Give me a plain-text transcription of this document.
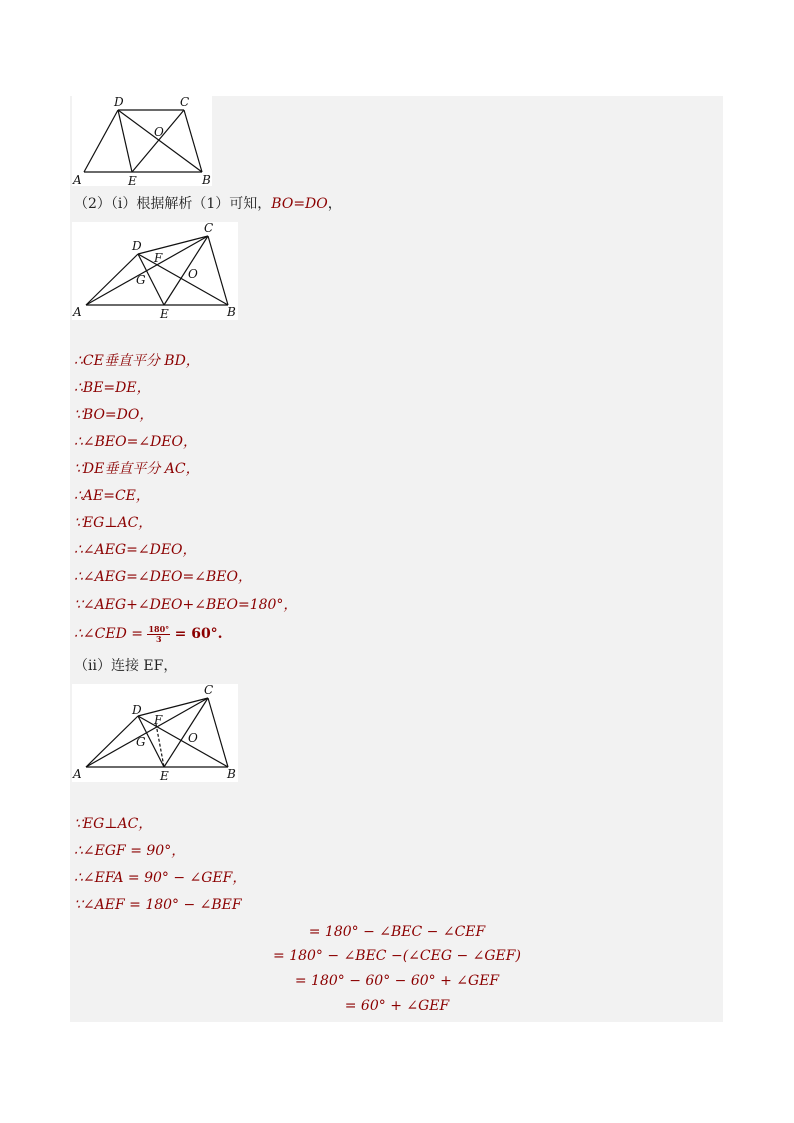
D	C
O
A	E	B
（2）（ⅰ）根据解析（1）可知，BO=DO，
D
C
F
G	O
A	E	B
∴CE垂直平分 BD，
∴BE=DE，
∵BO=DO，
∴∠BEO=∠DEO，
∵DE垂直平分 AC，
∴AE=CE，
∵EG⊥AC，
∴∠AEG=∠DEO，
∴∠AEG=∠DEO=∠BEO，
∵∠AEG+∠DEO+∠BEO=180°，
∴∠CED = $\frac{180^\circ}{3} = 60^\circ$.
（ⅱ）连接 EF，
D
C
F
G	O
A	E	B
∵EG⊥AC，
∴∠EGF = 90°，
∴∠EFA = 90° − ∠GEF，
∵∠AEF = 180° − ∠BEF
= 180° − ∠BEC − ∠CEF
= 180° − ∠BEC −(∠CEG − ∠GEF)
= 180° − 60° − 60° + ∠GEF
= 60° + ∠GEF
